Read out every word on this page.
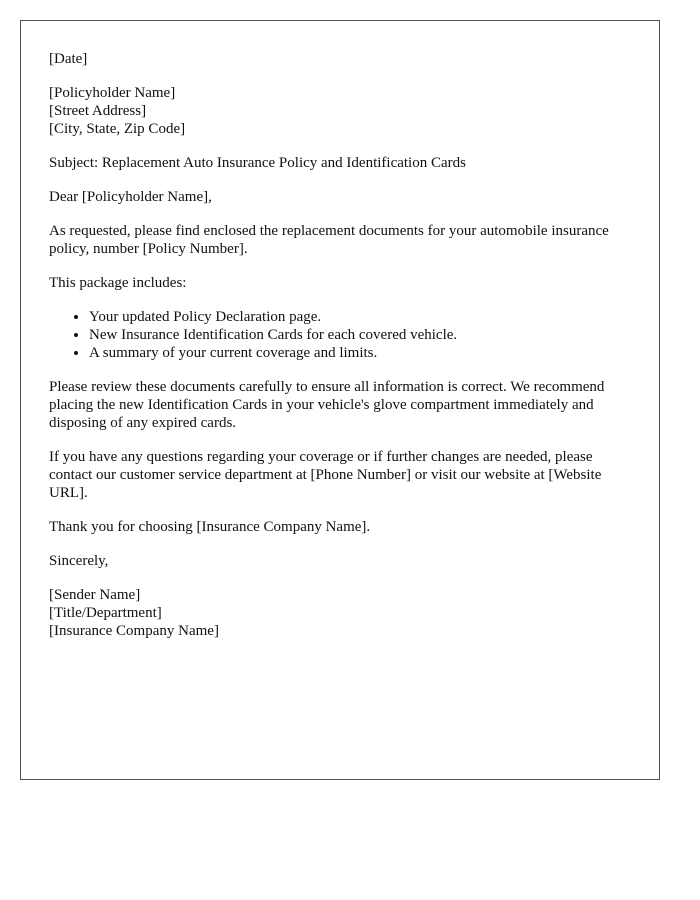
[Date]

[Policyholder Name]
[Street Address]
[City, State, Zip Code]

Subject: Replacement Auto Insurance Policy and Identification Cards

Dear [Policyholder Name],

As requested, please find enclosed the replacement documents for your automobile insurance policy, number [Policy Number].

This package includes:

• Your updated Policy Declaration page.
• New Insurance Identification Cards for each covered vehicle.
• A summary of your current coverage and limits.

Please review these documents carefully to ensure all information is correct. We recommend placing the new Identification Cards in your vehicle's glove compartment immediately and disposing of any expired cards.

If you have any questions regarding your coverage or if further changes are needed, please contact our customer service department at [Phone Number] or visit our website at [Website URL].

Thank you for choosing [Insurance Company Name].

Sincerely,

[Sender Name]
[Title/Department]
[Insurance Company Name]
